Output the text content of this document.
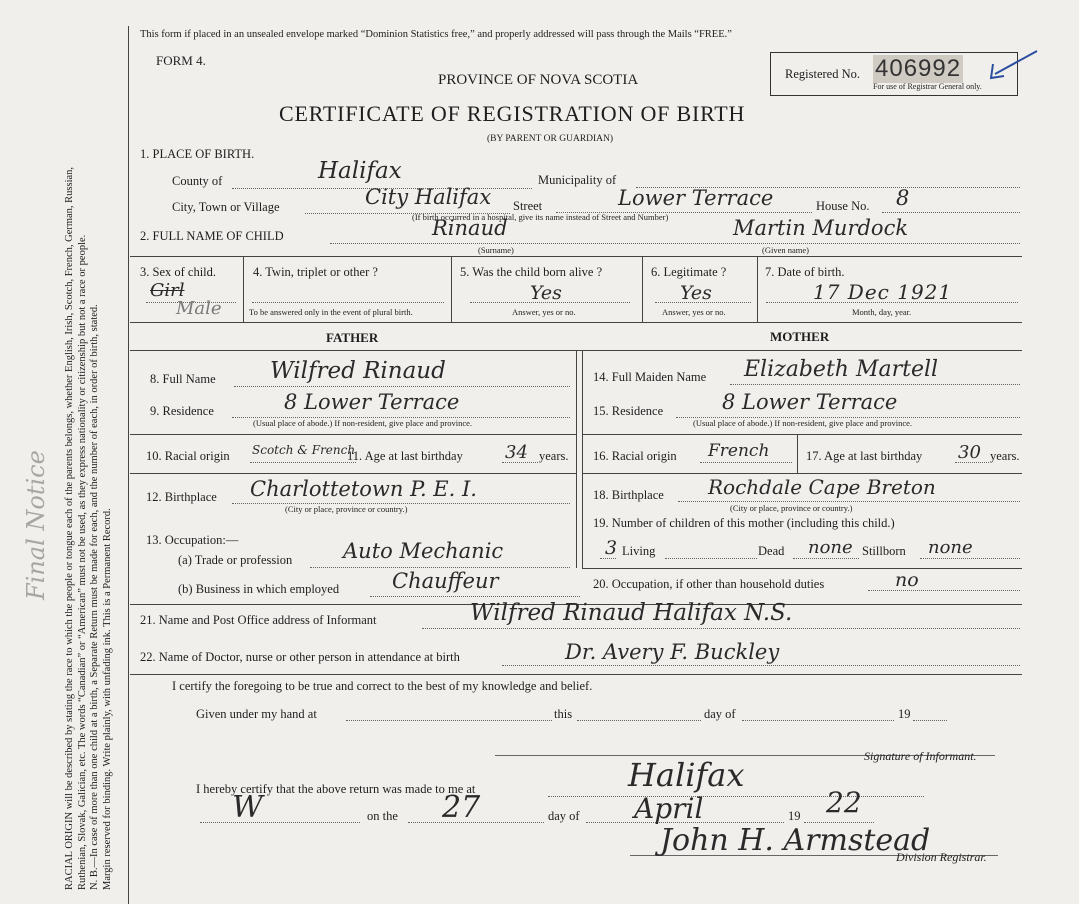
RACIAL ORIGIN will be described by stating the race to which the people or tongue each of the parents belongs, whether English, Irish, Scotch, French, German, Russian, Ruthenian, Slovak, Galician, etc. The words “Canadian” or “American” must not be used, as they express nationality or citizenship but not a race or people. N. B.—In case of more than one child at a birth, a Separate Return must be made for each, and the number of each, in order of birth, stated. Margin reserved for binding. Write plainly, with unfading ink. This is a Permanent Record.
Final Notice
This form if placed in an unsealed envelope marked “Dominion Statistics free,” and properly addressed will pass through the Mails “FREE.”
FORM 4.
Registered No. 406992
For use of Registrar General only.
PROVINCE OF NOVA SCOTIA
CERTIFICATE OF REGISTRATION OF BIRTH
(BY PARENT OR GUARDIAN)
1. PLACE OF BIRTH.
County of	Halifax	Municipality of
City, Town or Village	City Halifax Street	Lower Terrace	House No. 8
(If birth occurred in a hospital, give its name instead of Street and Number)
2. FULL NAME OF CHILD	Rinaud
(Surname)
Martin Murdock
(Given name)
3. Sex of child.
Girl
Male
4. Twin, triplet or other ?
To be answered only in the event of plural birth.
5. Was the child born alive ?
Yes
Answer, yes or no.
6. Legitimate ?
Yes
Answer, yes or no.
7. Date of birth.
17 Dec 1921
Month, day, year.
FATHER	MOTHER
8. Full Name Wilfred Rinaud
9. Residence	8 Lower Terrace
(Usual place of abode.) If non-resident, give place and province.
10. Racial origin Scotch & French
11. Age at last birthday 34 years.
12. Birthplace Charlottetown P. E. I.
(City or place, province or country.)
13. Occupation:—
(a) Trade or profession Auto Mechanic
(b) Business in which employed	Chauffeur
14. Full Maiden Name Elizabeth Martell
15. Residence	8 Lower Terrace
(Usual place of abode.) If non-resident, give place and province.
16. Racial origin French	17. Age at last birthday 30 years.
18. Birthplace Rochdale Cape Breton
(City or place, province or country.)
19. Number of children of this mother (including this child.)
3 Living	Dead none Stillborn none
20. Occupation, if other than household duties	no
21. Name and Post Office address of Informant	Wilfred Rinaud Halifax N.S.
22. Name of Doctor, nurse or other person in attendance at birth	Dr. Avery F. Buckley
I certify the foregoing to be true and correct to the best of my knowledge and belief.
Given under my hand at	this	day of	19
Signature of Informant.
I hereby certify that the above return was made to me at	Halifax
W	on the 27	day of April	19 22
John H. Armstead
Division Registrar.
